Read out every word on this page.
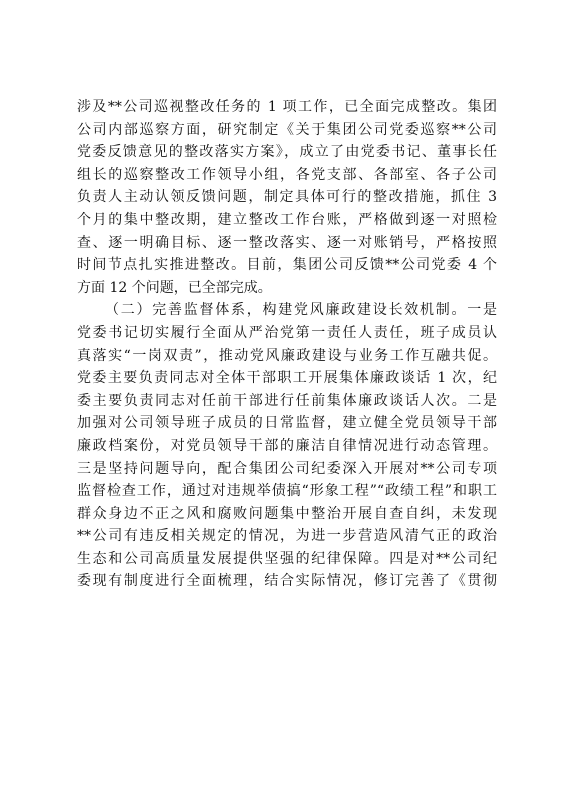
涉及**公司巡视整改任务的 1 项工作，已全面完成整改。集团
公司内部巡察方面，研究制定《关于集团公司党委巡察**公司
党委反馈意见的整改落实方案》，成立了由党委书记、董事长任
组长的巡察整改工作领导小组，各党支部、各部室、各子公司
负责人主动认领反馈问题，制定具体可行的整改措施，抓住 3
个月的集中整改期，建立整改工作台账，严格做到逐一对照检
查、逐一明确目标、逐一整改落实、逐一对账销号，严格按照
时间节点扎实推进整改。目前，集团公司反馈**公司党委 4 个
方面 12 个问题，已全部完成。
（二）完善监督体系，构建党风廉政建设长效机制。一是
党委书记切实履行全面从严治党第一责任人责任，班子成员认
真落实“一岗双责”，推动党风廉政建设与业务工作互融共促。
党委主要负责同志对全体干部职工开展集体廉政谈话 1 次，纪
委主要负责同志对任前干部进行任前集体廉政谈话人次。二是
加强对公司领导班子成员的日常监督，建立健全党员领导干部
廉政档案份，对党员领导干部的廉洁自律情况进行动态管理。
三是坚持问题导向，配合集团公司纪委深入开展对**公司专项
监督检查工作，通过对违规举债搞“形象工程”“政绩工程”和职工
群众身边不正之风和腐败问题集中整治开展自查自纠，未发现
**公司有违反相关规定的情况，为进一步营造风清气正的政治
生态和公司高质量发展提供坚强的纪律保障。四是对**公司纪
委现有制度进行全面梳理，结合实际情况，修订完善了《贯彻
